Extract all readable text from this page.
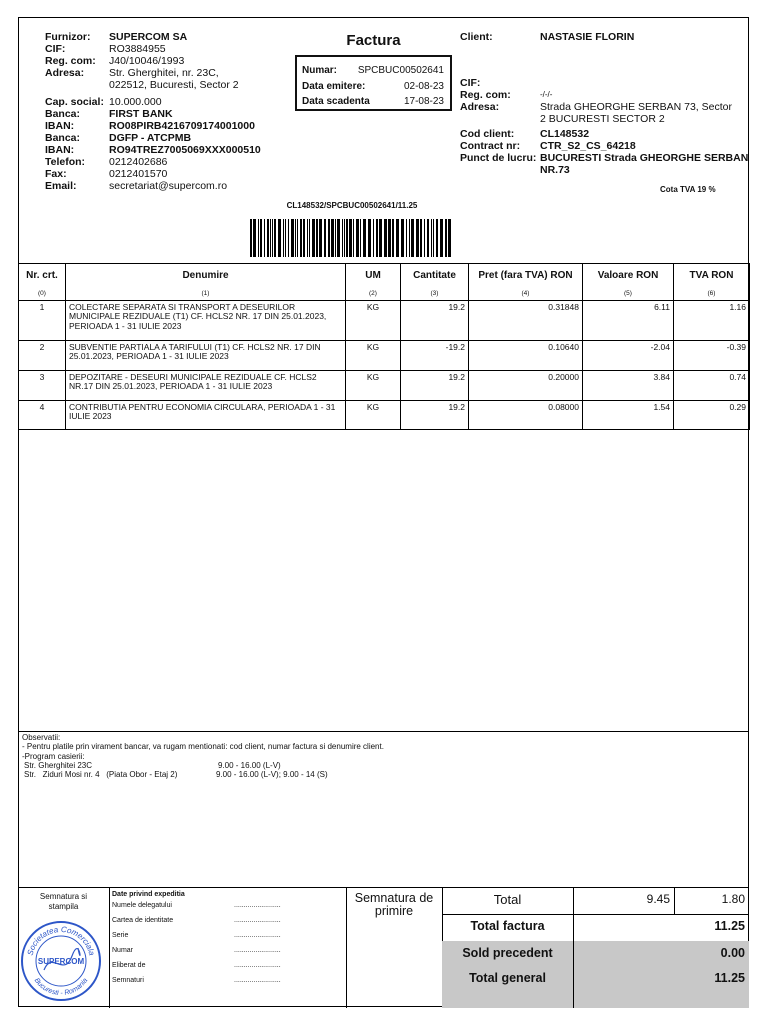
Furnizor:	SUPERCOM SA
CIF:	RO3884955
Reg. com:	J40/10046/1993
Adresa:	Str. Gherghitei, nr. 23C,
022512, Bucuresti, Sector 2
Cap. social: 10.000.000
Banca:	FIRST BANK
IBAN:	RO08PIRB4216709174001000
Banca:	DGFP - ATCPMB
IBAN:	RO94TREZ7005069XXX000510
Telefon:	0212402686
Fax:	0212401570
Email:	secretariat@supercom.ro
Factura
Numar: SPCBUC00502641
Data emitere:	02-08-23
Data scadenta	17-08-23
Client:	NASTASIE FLORIN
CIF:
Reg. com:	-/-/-
Adresa:	Strada GHEORGHE SERBAN 73, Sector
2 BUCURESTI SECTOR 2
Cod client:	CL148532
Contract nr:	CTR_S2_CS_64218
Punct de lucru: BUCURESTI Strada GHEORGHE SERBAN
NR.73
Cota TVA 19 %
CL148532/SPCBUC00502641/11.25
Nr. crt.	Denumire	UM	Cantitate	Pret (fara TVA) RON	Valoare RON	TVA RON
(0)	(1)	(2)	(3)	(4)	(5)	(6)
1	COLECTARE SEPARATA SI TRANSPORT A DESEURILOR MUNICIPALE REZIDUALE (T1) CF. HCLS2 NR. 17 DIN 25.01.2023, PERIOADA 1 - 31 IULIE 2023	KG	19.2	0.31848	6.11	1.16
2	SUBVENTIE PARTIALA A TARIFULUI (T1) CF. HCLS2 NR. 17 DIN 25.01.2023, PERIOADA 1 - 31 IULIE 2023	KG	-19.2	0.10640	-2.04	-0.39
3	DEPOZITARE - DESEURI MUNICIPALE REZIDUALE CF. HCLS2 NR.17 DIN 25.01.2023, PERIOADA 1 - 31 IULIE 2023	KG	19.2	0.20000	3.84	0.74
4	CONTRIBUTIA PENTRU ECONOMIA CIRCULARA, PERIOADA 1 - 31 IULIE 2023	KG	19.2	0.08000	1.54	0.29
Observatii:
- Pentru platile prin virament bancar, va rugam mentionati: cod client, numar factura si denumire client.
-Program casierii:
Str. Gherghitei 23C	9.00 - 16.00 (L-V)
Str.   Ziduri Mosi nr. 4   (Piata Obor - Etaj 2)	9.00 - 16.00 (L-V); 9.00 - 14 (S)
Semnatura si stampila
Date privind expeditia
Numele delegatului	........................
Cartea de identitate	........................
Serie	........................
Numar	........................
Eliberat de	........................
Semnaturi	........................
Semnatura de primire
Total	9.45	1.80
Total factura	11.25
Sold precedent	0.00
Total general	11.25
Societatea Comerciala
Bucuresti - Romania
SUPERCOM
